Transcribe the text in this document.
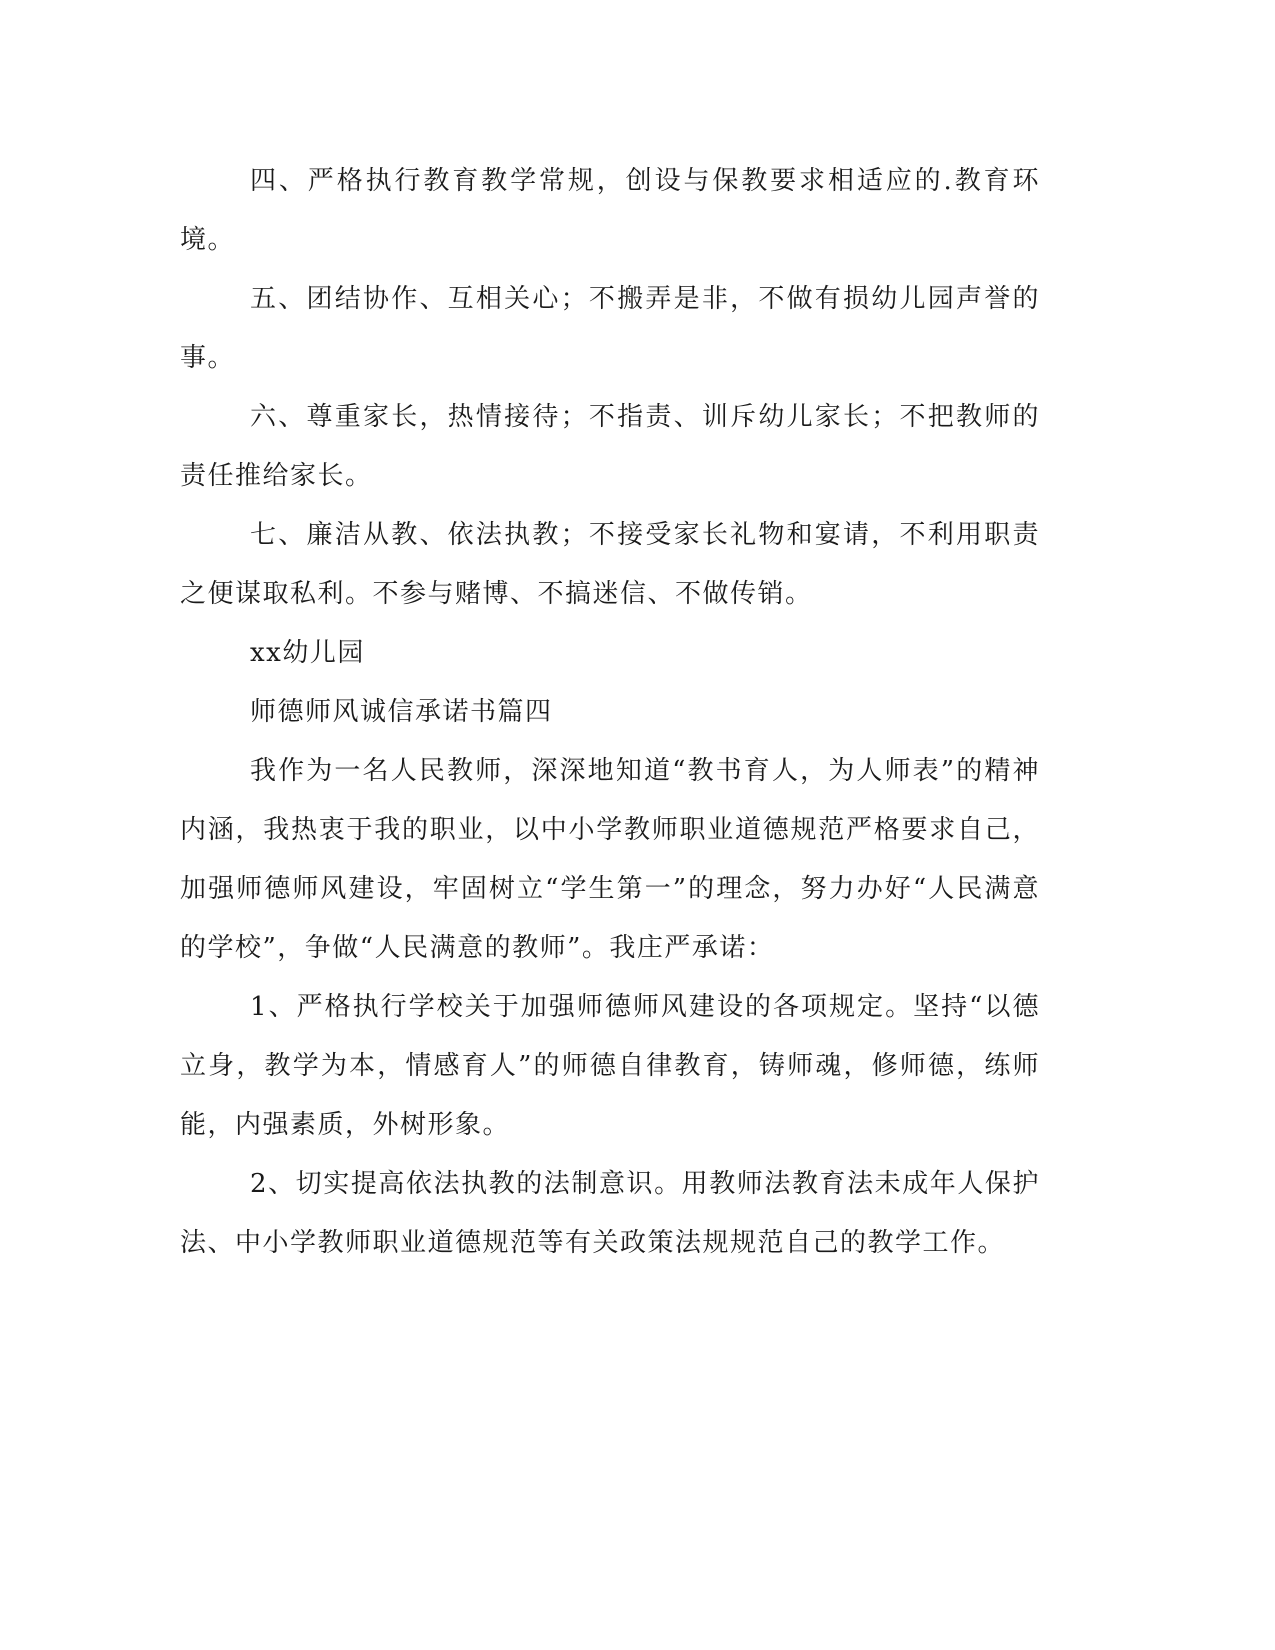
四、严格执行教育教学常规，创设与保教要求相适应的.教育环境。

五、团结协作、互相关心；不搬弄是非，不做有损幼儿园声誉的事。

六、尊重家长，热情接待；不指责、训斥幼儿家长；不把教师的责任推给家长。

七、廉洁从教、依法执教；不接受家长礼物和宴请，不利用职责之便谋取私利。不参与赌博、不搞迷信、不做传销。

xx幼儿园

师德师风诚信承诺书篇四

我作为一名人民教师，深深地知道“教书育人，为人师表”的精神内涵，我热衷于我的职业，以中小学教师职业道德规范严格要求自己，加强师德师风建设，牢固树立“学生第一”的理念，努力办好“人民满意的学校”，争做“人民满意的教师”。我庄严承诺：

1、严格执行学校关于加强师德师风建设的各项规定。坚持“以德立身，教学为本，情感育人”的师德自律教育，铸师魂，修师德，练师能，内强素质，外树形象。

2、切实提高依法执教的法制意识。用教师法教育法未成年人保护法、中小学教师职业道德规范等有关政策法规规范自己的教学工作。
